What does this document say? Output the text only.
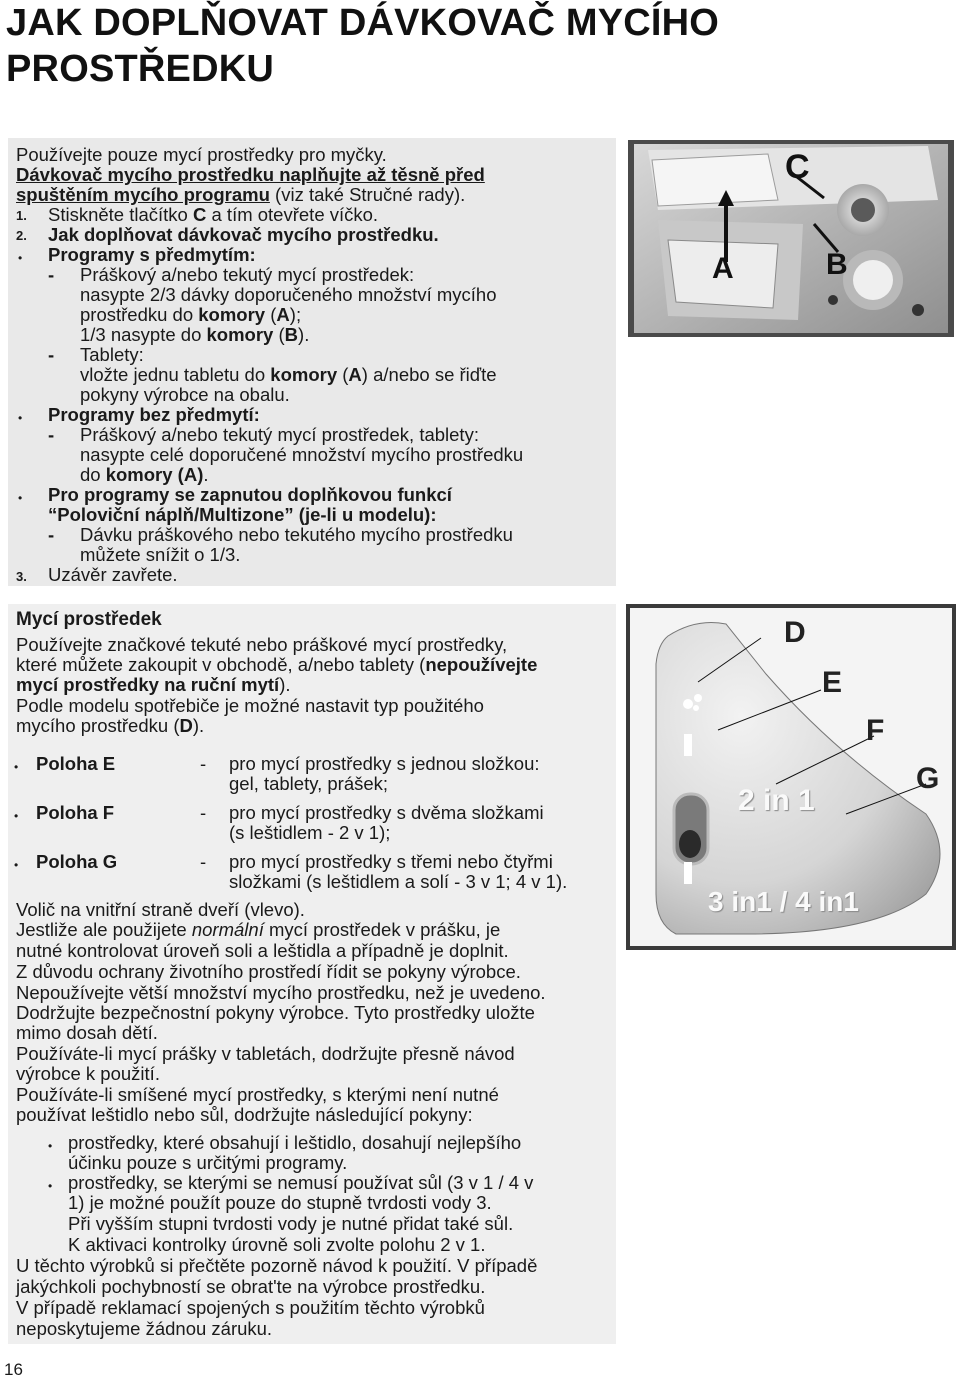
JAK DOPLŇOVAT DÁVKOVAČ MYCÍHO
PROSTŘEDKU
Používejte pouze mycí prostředky pro myčky.
Dávkovač mycího prostředku naplňujte až těsně před
spuštěním mycího programu (viz také Stručné rady).
1. Stiskněte tlačítko C a tím otevřete víčko.
2. Jak doplňovat dávkovač mycího prostředku.
• Programy s předmytím:
- Práškový a/nebo tekutý mycí prostředek:
nasypte 2/3 dávky doporučeného množství mycího
prostředku do komory (A);
1/3 nasypte do komory (B).
- Tablety:
vložte jednu tabletu do komory (A) a/nebo se řiďte
pokyny výrobce na obalu.
• Programy bez předmytí:
- Práškový a/nebo tekutý mycí prostředek, tablety:
nasypte celé doporučené množství mycího prostředku
do komory (A).
• Pro programy se zapnutou doplňkovou funkcí
“Poloviční náplň/Multizone” (je-li u modelu):
- Dávku práškového nebo tekutého mycího prostředku
můžete snížit o 1/3.
3. Uzávěr zavřete.
C
A	B
Mycí prostředek
Používejte značkové tekuté nebo práškové mycí prostředky,
které můžete zakoupit v obchodě, a/nebo tablety (nepoužívejte
mycí prostředky na ruční mytí).
Podle modelu spotřebiče je možné nastavit typ použitého
mycího prostředku (D).
• Poloha E	- pro mycí prostředky s jednou složkou:
gel, tablety, prášek;
• Poloha F	- pro mycí prostředky s dvěma složkami
(s leštidlem - 2 v 1);
• Poloha G	- pro mycí prostředky s třemi nebo čtyřmi
složkami (s leštidlem a solí - 3 v 1; 4 v 1).
Volič na vnitřní straně dveří (vlevo).
Jestliže ale použijete normální mycí prostředek v prášku, je
nutné kontrolovat úroveň soli a leštidla a případně je doplnit.
Z důvodu ochrany životního prostředí řídit se pokyny výrobce.
Nepoužívejte větší množství mycího prostředku, než je uvedeno.
Dodržujte bezpečnostní pokyny výrobce. Tyto prostředky uložte
mimo dosah dětí.
Používáte-li mycí prášky v tabletách, dodržujte přesně návod
výrobce k použití.
Používáte-li smíšené mycí prostředky, s kterými není nutné
používat leštidlo nebo sůl, dodržujte následující pokyny:
• prostředky, které obsahují i leštidlo, dosahují nejlepšího
účinku pouze s určitými programy.
• prostředky, se kterými se nemusí používat sůl (3 v 1 / 4 v
1) je možné použít pouze do stupně tvrdosti vody 3.
Při vyšším stupni tvrdosti vody je nutné přidat také sůl.
K aktivaci kontrolky úrovně soli zvolte polohu 2 v 1.
U těchto výrobků si přečtěte pozorně návod k použití. V případě
jakýchkoli pochybností se obrat'te na výrobce prostředku.
V případě reklamací spojených s použitím těchto výrobků
neposkytujeme žádnou záruku.
D
E
F
G
2 in 1
3 in1 / 4 in1
16
